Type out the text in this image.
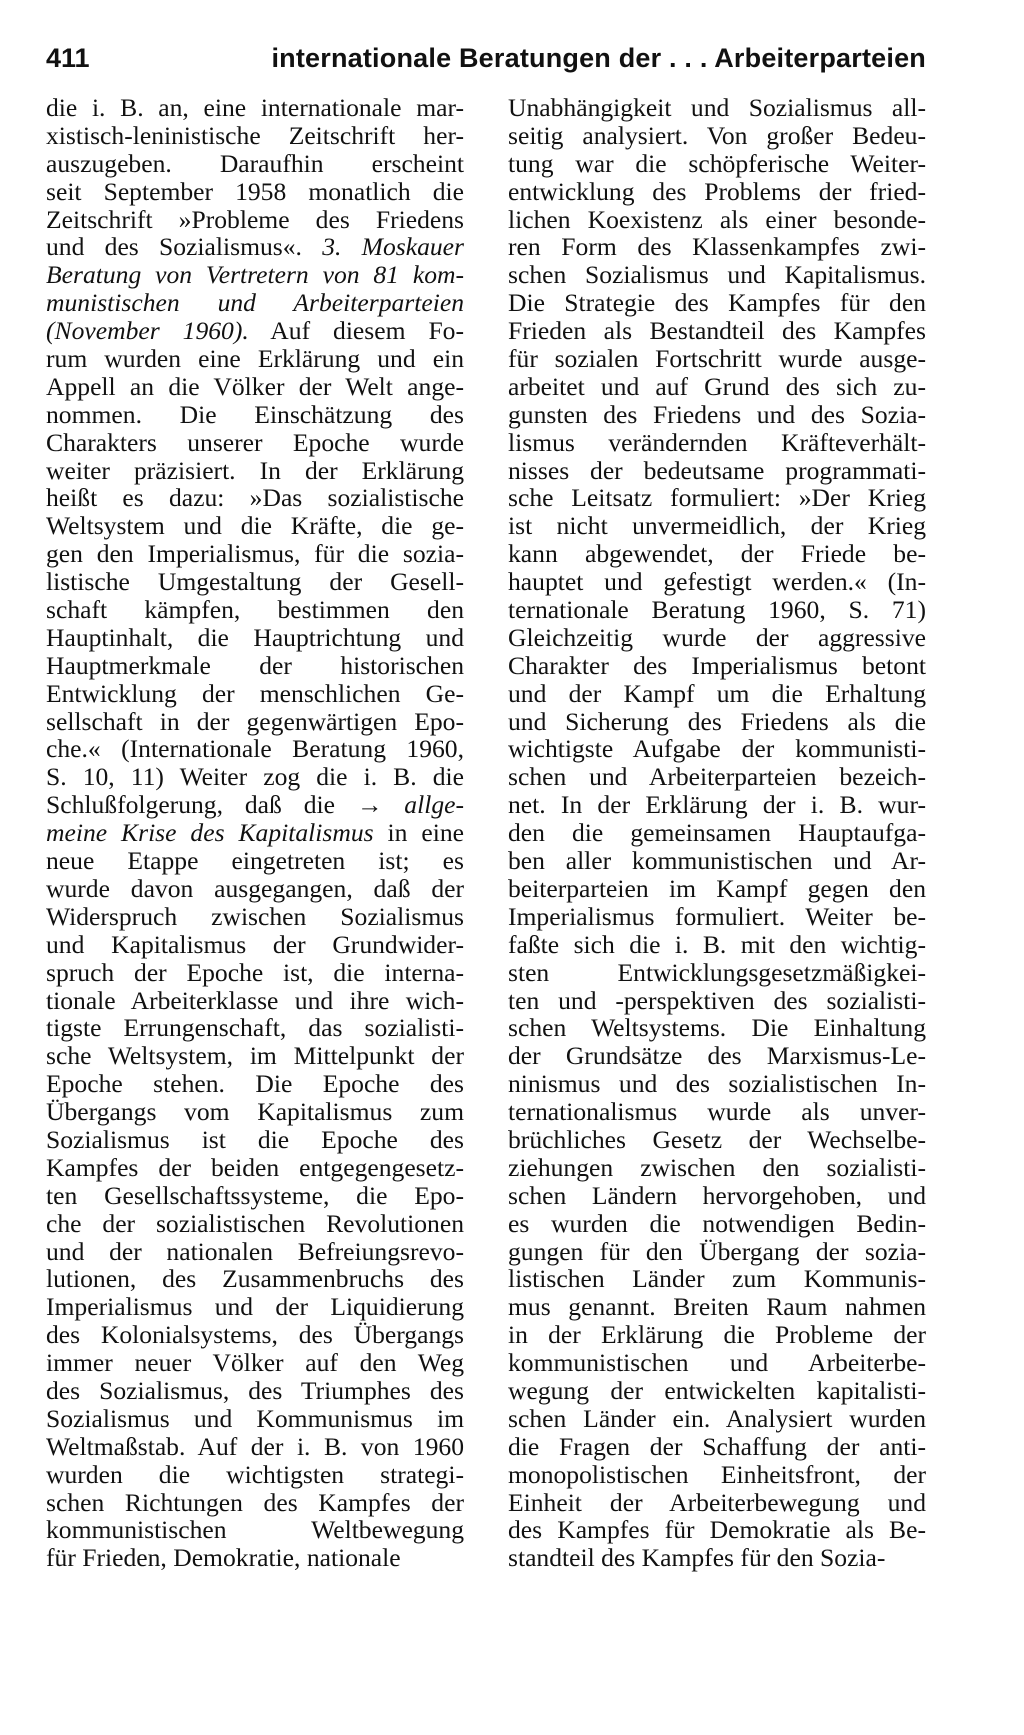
411	internationale Beratungen der . . . Arbeiterparteien
die i. B. an, eine internationale mar-
xistisch-leninistische Zeitschrift her-
auszugeben. Daraufhin erscheint
seit September 1958 monatlich die
Zeitschrift »Probleme des Friedens
und des Sozialismus«. 3. Moskauer
Beratung von Vertretern von 81 kom-
munistischen und Arbeiterparteien
(November 1960). Auf diesem Fo-
rum wurden eine Erklärung und ein
Appell an die Völker der Welt ange-
nommen. Die Einschätzung des
Charakters unserer Epoche wurde
weiter präzisiert. In der Erklärung
heißt es dazu: »Das sozialistische
Weltsystem und die Kräfte, die ge-
gen den Imperialismus, für die sozia-
listische Umgestaltung der Gesell-
schaft kämpfen, bestimmen den
Hauptinhalt, die Hauptrichtung und
Hauptmerkmale der historischen
Entwicklung der menschlichen Ge-
sellschaft in der gegenwärtigen Epo-
che.« (Internationale Beratung 1960,
S. 10, 11) Weiter zog die i. B. die
Schlußfolgerung, daß die → allge-
meine Krise des Kapitalismus in eine
neue Etappe eingetreten ist; es
wurde davon ausgegangen, daß der
Widerspruch zwischen Sozialismus
und Kapitalismus der Grundwider-
spruch der Epoche ist, die interna-
tionale Arbeiterklasse und ihre wich-
tigste Errungenschaft, das sozialisti-
sche Weltsystem, im Mittelpunkt der
Epoche stehen. Die Epoche des
Übergangs vom Kapitalismus zum
Sozialismus ist die Epoche des
Kampfes der beiden entgegengesetz-
ten Gesellschaftssysteme, die Epo-
che der sozialistischen Revolutionen
und der nationalen Befreiungsrevo-
lutionen, des Zusammenbruchs des
Imperialismus und der Liquidierung
des Kolonialsystems, des Übergangs
immer neuer Völker auf den Weg
des Sozialismus, des Triumphes des
Sozialismus und Kommunismus im
Weltmaßstab. Auf der i. B. von 1960
wurden die wichtigsten strategi-
schen Richtungen des Kampfes der
kommunistischen Weltbewegung
für Frieden, Demokratie, nationale
Unabhängigkeit und Sozialismus all-
seitig analysiert. Von großer Bedeu-
tung war die schöpferische Weiter-
entwicklung des Problems der fried-
lichen Koexistenz als einer besonde-
ren Form des Klassenkampfes zwi-
schen Sozialismus und Kapitalismus.
Die Strategie des Kampfes für den
Frieden als Bestandteil des Kampfes
für sozialen Fortschritt wurde ausge-
arbeitet und auf Grund des sich zu-
gunsten des Friedens und des Sozia-
lismus verändernden Kräfteverhält-
nisses der bedeutsame programmati-
sche Leitsatz formuliert: »Der Krieg
ist nicht unvermeidlich, der Krieg
kann abgewendet, der Friede be-
hauptet und gefestigt werden.« (In-
ternationale Beratung 1960, S. 71)
Gleichzeitig wurde der aggressive
Charakter des Imperialismus betont
und der Kampf um die Erhaltung
und Sicherung des Friedens als die
wichtigste Aufgabe der kommunisti-
schen und Arbeiterparteien bezeich-
net. In der Erklärung der i. B. wur-
den die gemeinsamen Hauptaufga-
ben aller kommunistischen und Ar-
beiterparteien im Kampf gegen den
Imperialismus formuliert. Weiter be-
faßte sich die i. B. mit den wichtig-
sten Entwicklungsgesetzmäßigkei-
ten und -perspektiven des sozialisti-
schen Weltsystems. Die Einhaltung
der Grundsätze des Marxismus-Le-
ninismus und des sozialistischen In-
ternationalismus wurde als unver-
brüchliches Gesetz der Wechselbe-
ziehungen zwischen den sozialisti-
schen Ländern hervorgehoben, und
es wurden die notwendigen Bedin-
gungen für den Übergang der sozia-
listischen Länder zum Kommunis-
mus genannt. Breiten Raum nahmen
in der Erklärung die Probleme der
kommunistischen und Arbeiterbe-
wegung der entwickelten kapitalisti-
schen Länder ein. Analysiert wurden
die Fragen der Schaffung der anti-
monopolistischen Einheitsfront, der
Einheit der Arbeiterbewegung und
des Kampfes für Demokratie als Be-
standteil des Kampfes für den Sozia-
